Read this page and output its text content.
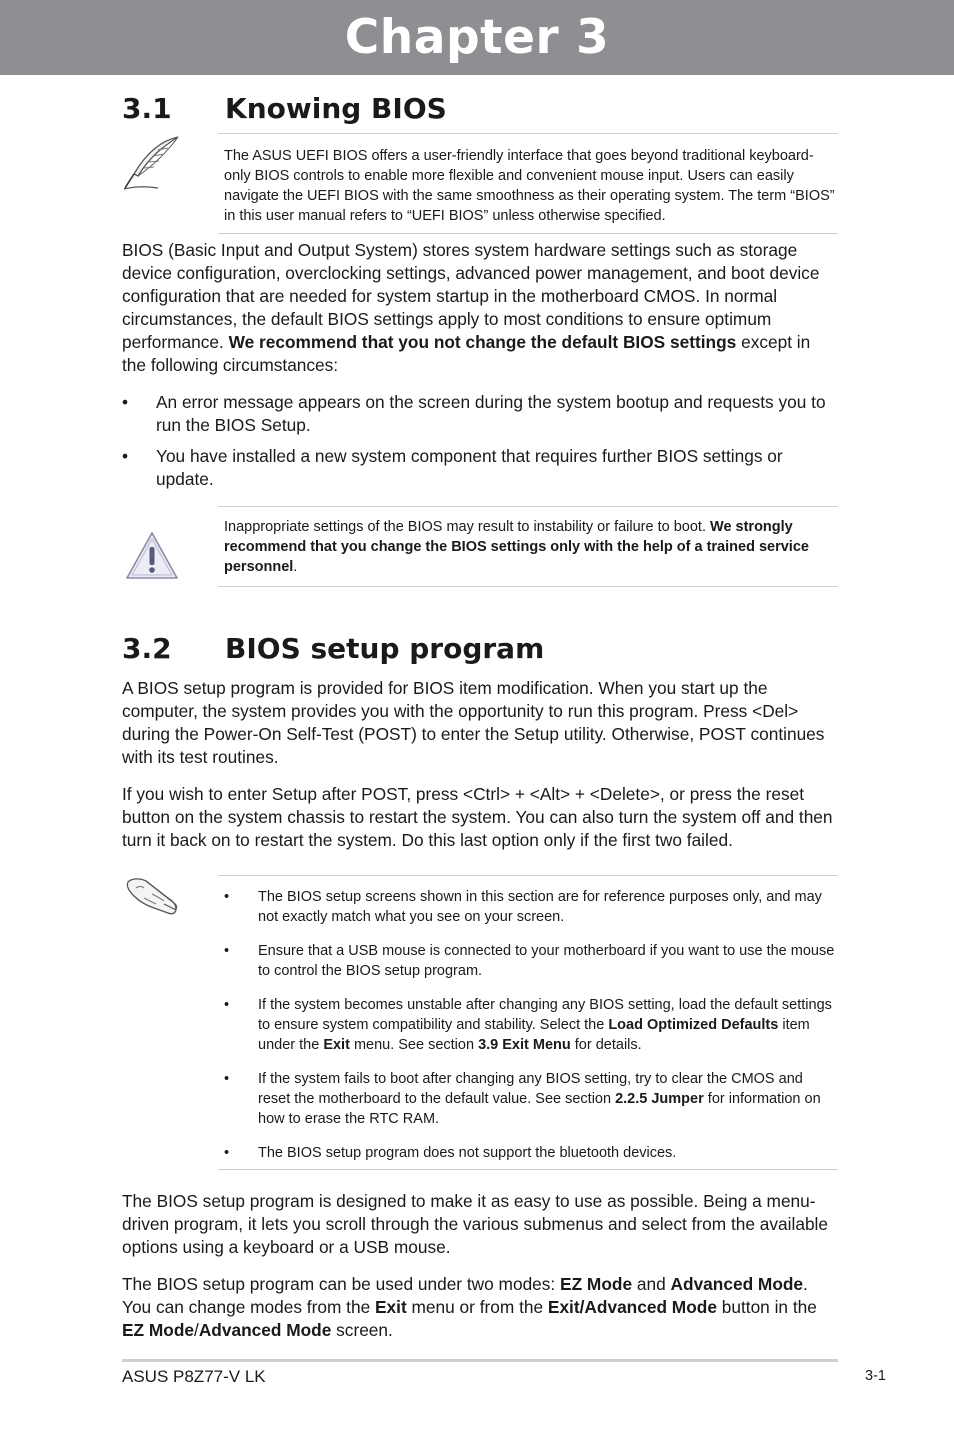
Chapter 3
3.1 Knowing BIOS

The ASUS UEFI BIOS offers a user-friendly interface that goes beyond traditional keyboard-only BIOS controls to enable more flexible and convenient mouse input. Users can easily navigate the UEFI BIOS with the same smoothness as their operating system. The term “BIOS” in this user manual refers to “UEFI BIOS” unless otherwise specified.

BIOS (Basic Input and Output System) stores system hardware settings such as storage device configuration, overclocking settings, advanced power management, and boot device configuration that are needed for system startup in the motherboard CMOS. In normal circumstances, the default BIOS settings apply to most conditions to ensure optimum performance. We recommend that you not change the default BIOS settings except in the following circumstances:

• An error message appears on the screen during the system bootup and requests you to run the BIOS Setup.
• You have installed a new system component that requires further BIOS settings or update.

Inappropriate settings of the BIOS may result to instability or failure to boot. We strongly recommend that you change the BIOS settings only with the help of a trained service personnel.

3.2 BIOS setup program

A BIOS setup program is provided for BIOS item modification. When you start up the computer, the system provides you with the opportunity to run this program. Press <Del> during the Power-On Self-Test (POST) to enter the Setup utility. Otherwise, POST continues with its test routines.

If you wish to enter Setup after POST, press <Ctrl> + <Alt> + <Delete>, or press the reset button on the system chassis to restart the system. You can also turn the system off and then turn it back on to restart the system. Do this last option only if the first two failed.

• The BIOS setup screens shown in this section are for reference purposes only, and may not exactly match what you see on your screen.
• Ensure that a USB mouse is connected to your motherboard if you want to use the mouse to control the BIOS setup program.
• If the system becomes unstable after changing any BIOS setting, load the default settings to ensure system compatibility and stability. Select the Load Optimized Defaults item under the Exit menu. See section 3.9 Exit Menu for details.
• If the system fails to boot after changing any BIOS setting, try to clear the CMOS and reset the motherboard to the default value. See section 2.2.5 Jumper for information on how to erase the RTC RAM.
• The BIOS setup program does not support the bluetooth devices.

The BIOS setup program is designed to make it as easy to use as possible. Being a menu-driven program, it lets you scroll through the various submenus and select from the available options using a keyboard or a USB mouse.

The BIOS setup program can be used under two modes: EZ Mode and Advanced Mode. You can change modes from the Exit menu or from the Exit/Advanced Mode button in the EZ Mode/Advanced Mode screen.

ASUS P8Z77-V LK	3-1
